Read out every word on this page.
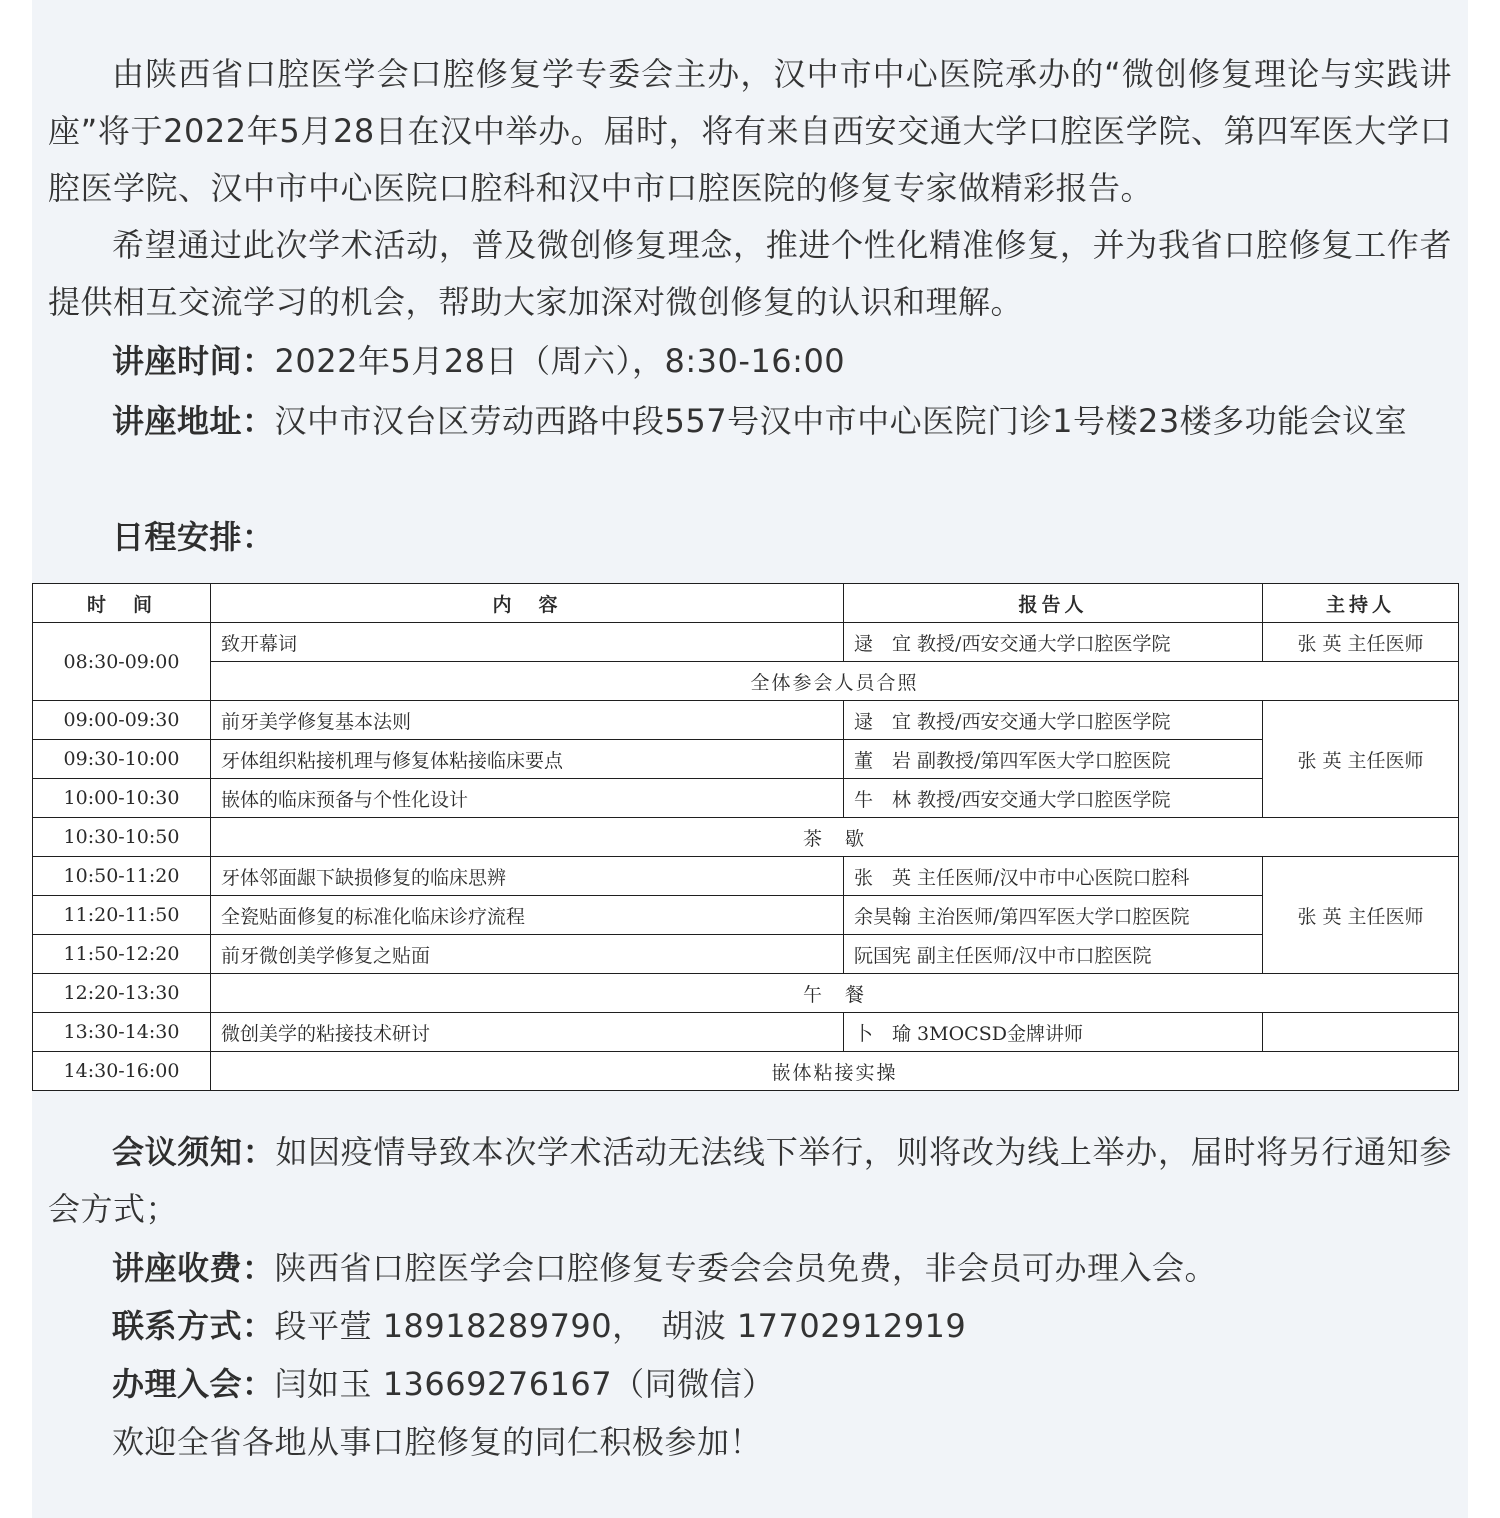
由陕西省口腔医学会口腔修复学专委会主办，汉中市中心医院承办的“微创修复理论与实践讲座”将于2022年5月28日在汉中举办。届时，将有来自西安交通大学口腔医学院、第四军医大学口腔医学院、汉中市中心医院口腔科和汉中市口腔医院的修复专家做精彩报告。

希望通过此次学术活动，普及微创修复理念，推进个性化精准修复，并为我省口腔修复工作者提供相互交流学习的机会，帮助大家加深对微创修复的认识和理解。

讲座时间：2022年5月28日（周六），8:30-16:00

讲座地址：汉中市汉台区劳动西路中段557号汉中市中心医院门诊1号楼23楼多功能会议室

日程安排：

时　间	内　容	报告人	主持人
08:30-09:00	致开幕词	逯　宜 教授/西安交通大学口腔医学院	张 英 主任医师
	全体参会人员合照		
09:00-09:30	前牙美学修复基本法则	逯　宜 教授/西安交通大学口腔医学院	张 英 主任医师
09:30-10:00	牙体组织粘接机理与修复体粘接临床要点	董　岩 副教授/第四军医大学口腔医院	
10:00-10:30	嵌体的临床预备与个性化设计	牛　林 教授/西安交通大学口腔医学院	
10:30-10:50	茶　歇		
10:50-11:20	牙体邻面龈下缺损修复的临床思辨	张　英 主任医师/汉中市中心医院口腔科	张 英 主任医师
11:20-11:50	全瓷贴面修复的标准化临床诊疗流程	余昊翰 主治医师/第四军医大学口腔医院	
11:50-12:20	前牙微创美学修复之贴面	阮国宪 副主任医师/汉中市口腔医院	
12:20-13:30	午　餐		
13:30-14:30	微创美学的粘接技术研讨	卜　瑜 3MOCSD金牌讲师	
14:30-16:00	嵌体粘接实操		

会议须知：如因疫情导致本次学术活动无法线下举行，则将改为线上举办，届时将另行通知参会方式；

讲座收费：陕西省口腔医学会口腔修复专委会会员免费，非会员可办理入会。

联系方式：段平萱 18918289790，　胡波 17702912919

办理入会：闫如玉 13669276167（同微信）

欢迎全省各地从事口腔修复的同仁积极参加！
